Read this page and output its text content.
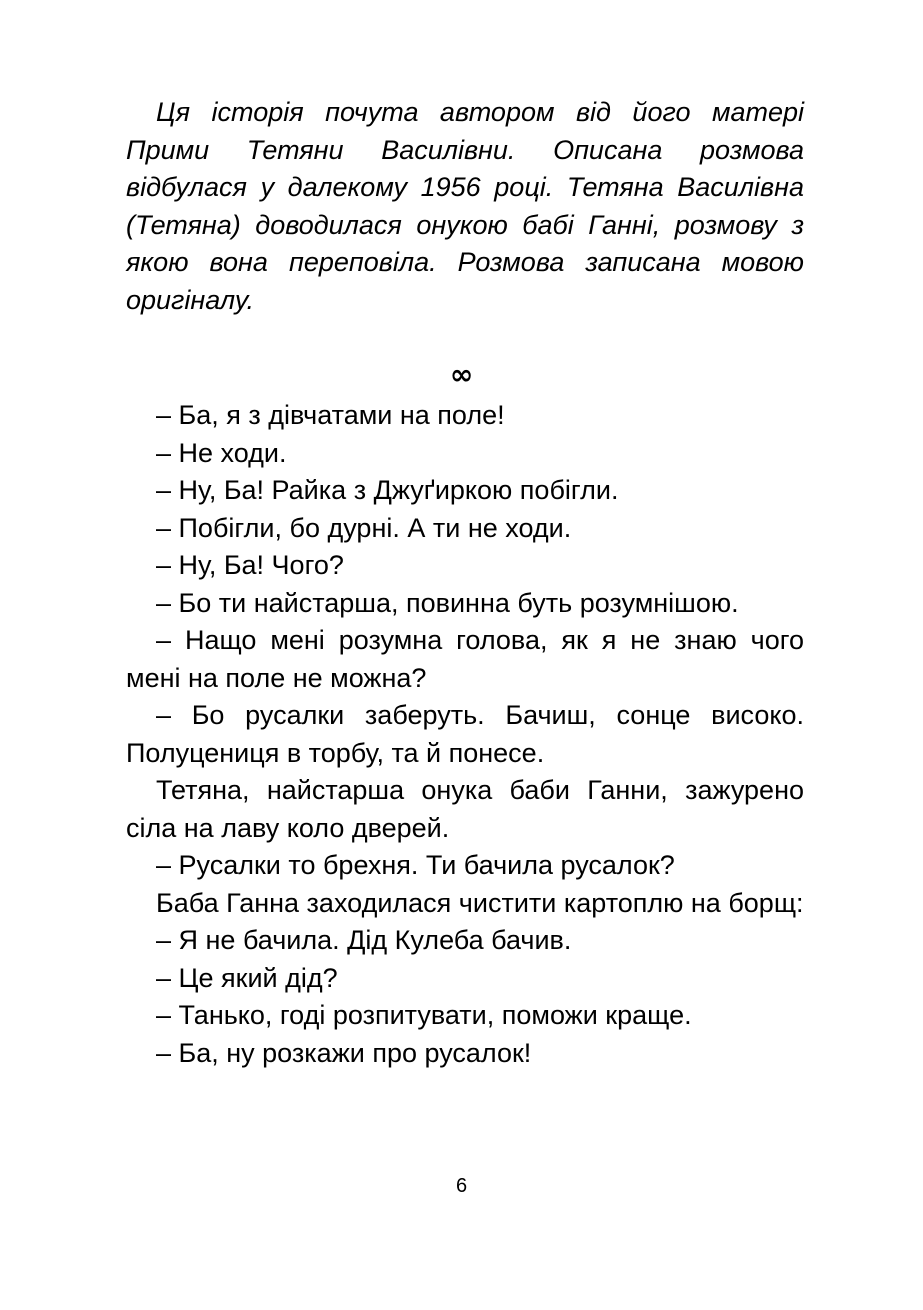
Ця історія почута автором від його матері Прими Тетяни Василівни. Описана розмова відбулася у далекому 1956 році. Тетяна Василівна (Тетяна) доводилася онукою бабі Ганні, розмову з якою вона переповіла. Розмова записана мовою оригіналу.

∞

– Ба, я з дівчатами на поле!

– Не ходи.

– Ну, Ба! Райка з Джуґиркою побігли.

– Побігли, бо дурні. А ти не ходи.

– Ну, Ба! Чого?

– Бо ти найстарша, повинна буть розумнішою.

– Нащо мені розумна голова, як я не знаю чого мені на поле не можна?

– Бо русалки заберуть. Бачиш, сонце високо. Полуцениця в торбу, та й понесе.

Тетяна, найстарша онука баби Ганни, зажурено сіла на лаву коло дверей.

– Русалки то брехня. Ти бачила русалок?

Баба Ганна заходилася чистити картоплю на борщ:

– Я не бачила. Дід Кулеба бачив.

– Це який дід?

– Танько, годі розпитувати, поможи краще.

– Ба, ну розкажи про русалок!

6
